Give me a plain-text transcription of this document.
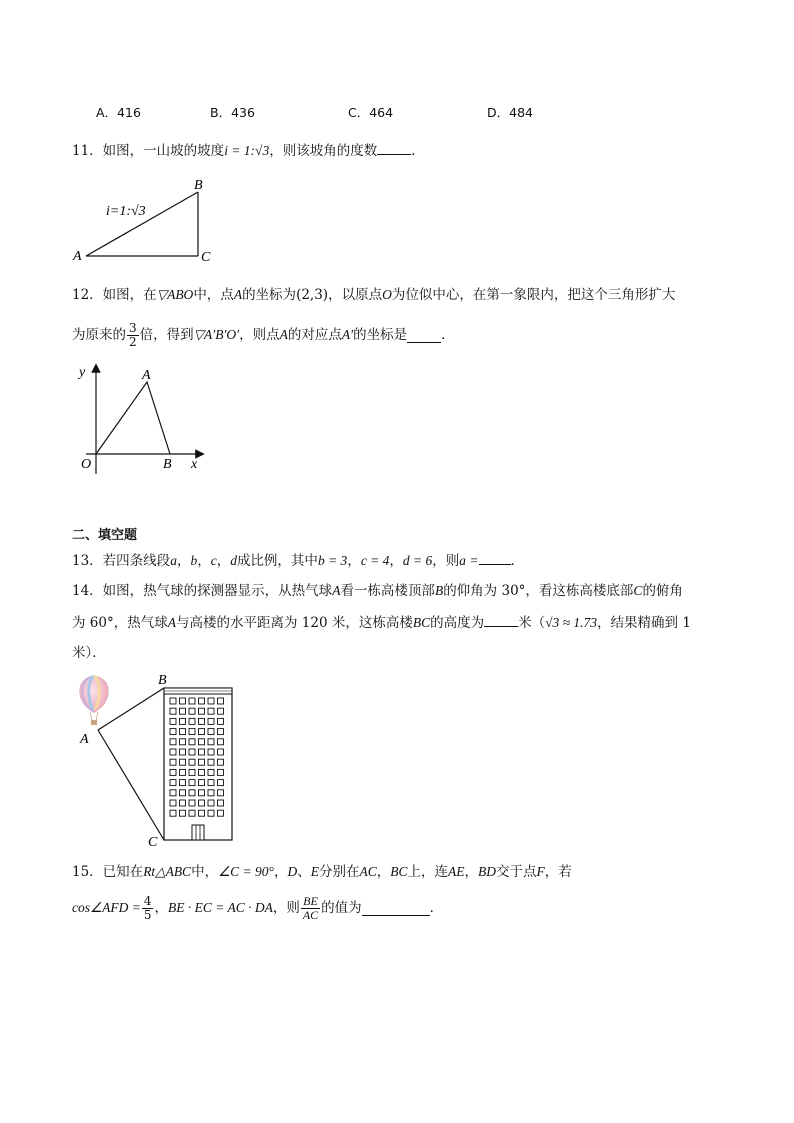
A．416	B．436	C．464	D．484
11．如图，一山坡的坡度i = 1:√3，则该坡角的度数	．
i=1:√3
A
B
C
12．如图，在▽ABO中，点A的坐标为(2,3)，以原点O为位似中心，在第一象限内，把这个三角形扩大
为原来的 $\frac{3}{2}$ 倍，得到 ▽A′B′O′ ，则点 A 的对应点 A′ 的坐标是	．
y
x
A
O	B
二、填空题
13．若四条线段a，b，c，d成比例，其中b = 3，c = 4，d = 6，则a = ．
14．如图，热气球的探测器显示，从热气球A看一栋高楼顶部B的仰角为 30°，看这栋高楼底部C的俯角
为 60°，热气球A与高楼的水平距离为 120 米，这栋高楼BC的高度为	米（√3 ≈ 1.73，结果精确到 1
米）．
A
B
C
15．已知在Rt△ABC中，∠C = 90°，D、E分别在AC，BC上，连AE，BD交于点F，若
cos∠AFD = $\frac{4}{5}$ ， BE · EC = AC · DA ，则 $\frac{BE}{AC}$ 的值为	．
